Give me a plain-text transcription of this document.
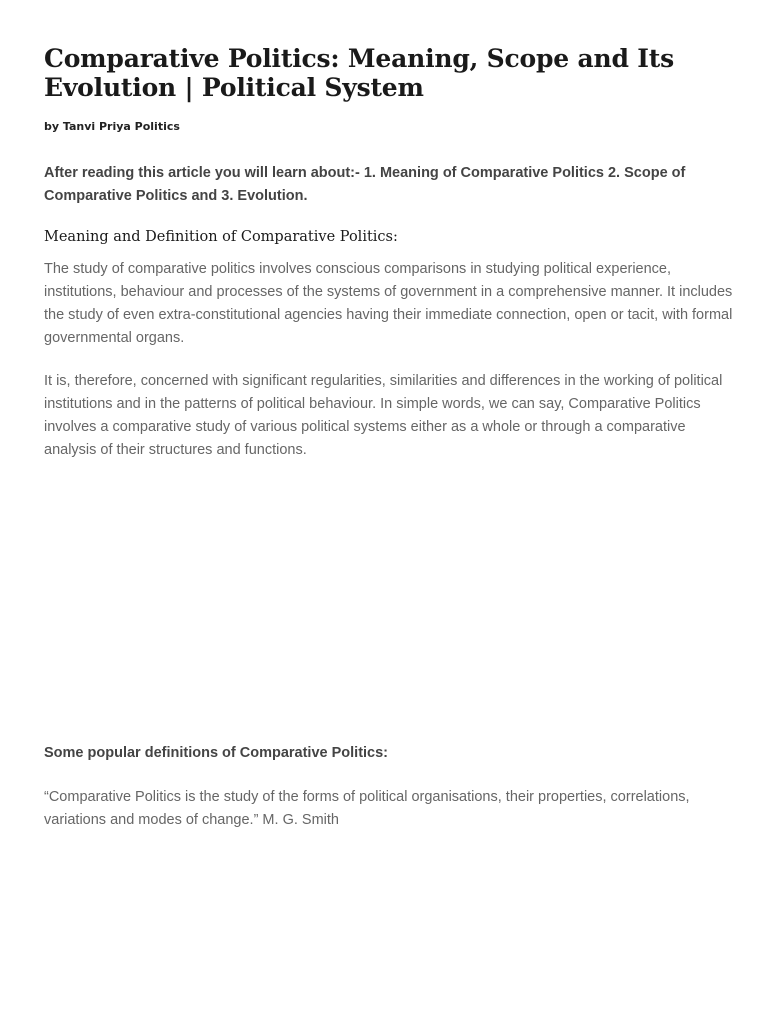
Comparative Politics: Meaning, Scope and Its Evolution | Political System
by Tanvi Priya Politics

After reading this article you will learn about:- 1. Meaning of Comparative Politics 2. Scope of Comparative Politics and 3. Evolution.

Meaning and Definition of Comparative Politics:

The study of comparative politics involves conscious comparisons in studying political experience, institutions, behaviour and processes of the systems of government in a comprehensive manner. It includes the study of even extra-constitutional agencies having their immediate connection, open or tacit, with formal governmental organs.

It is, therefore, concerned with significant regularities, similarities and differences in the working of political institutions and in the patterns of political behaviour. In simple words, we can say, Comparative Politics involves a comparative study of various political systems either as a whole or through a comparative analysis of their structures and functions.

Some popular definitions of Comparative Politics:

“Comparative Politics is the study of the forms of political organisations, their properties, correlations, variations and modes of change.” M. G. Smith
